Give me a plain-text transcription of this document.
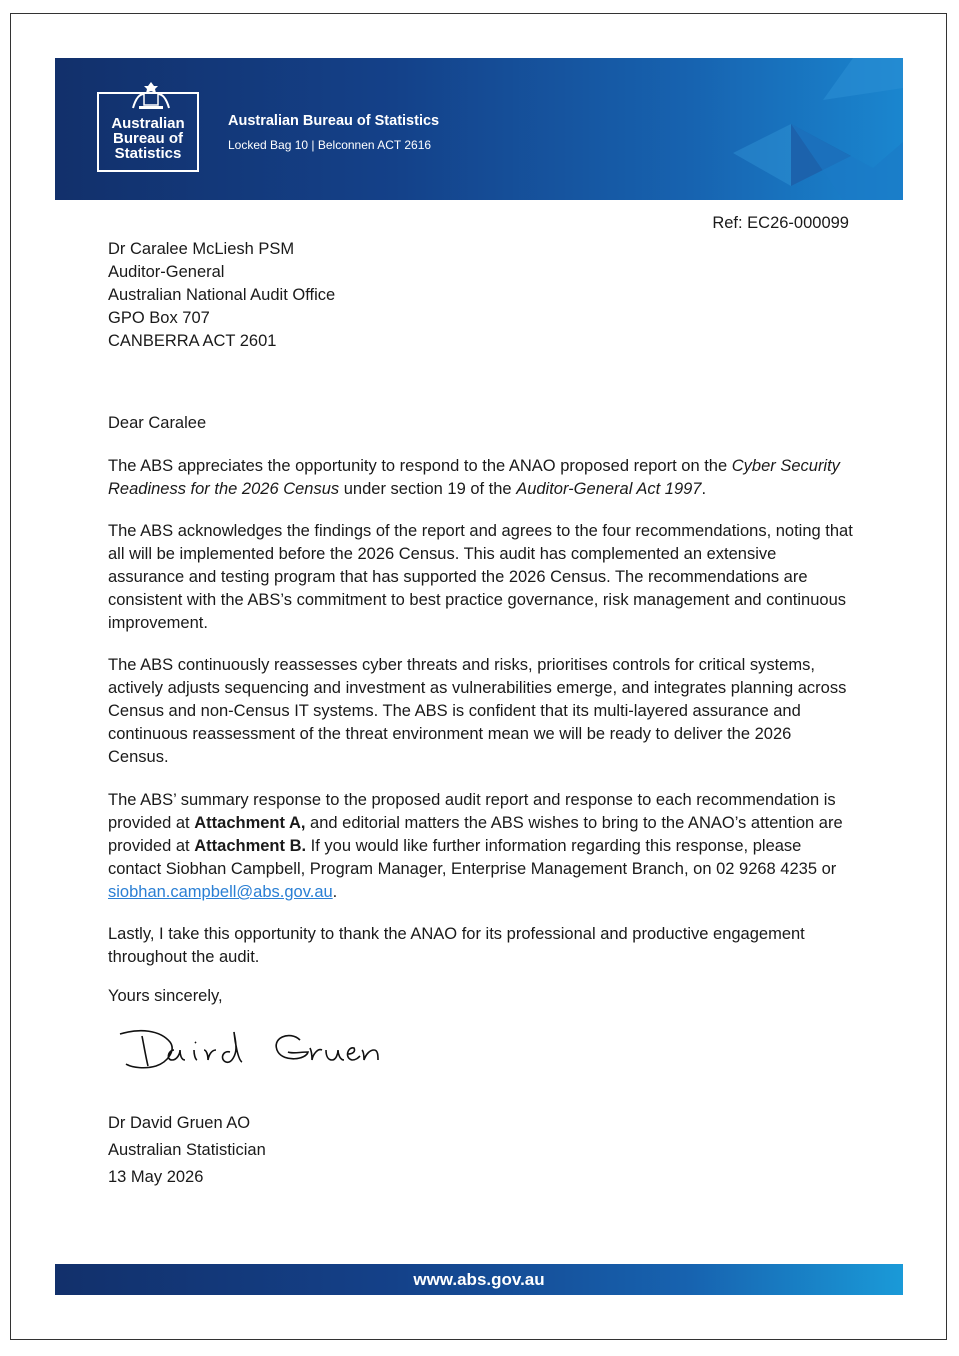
Australian
Bureau of
Statistics
Australian Bureau of Statistics
Locked Bag 10 | Belconnen ACT 2616
Ref: EC26-000099
Dr Caralee McLiesh PSM
Auditor-General
Australian National Audit Office
GPO Box 707
CANBERRA ACT 2601
Dear Caralee

The ABS appreciates the opportunity to respond to the ANAO proposed report on the Cyber Security Readiness for the 2026 Census under section 19 of the Auditor-General Act 1997.

The ABS acknowledges the findings of the report and agrees to the four recommendations, noting that all will be implemented before the 2026 Census. This audit has complemented an extensive assurance and testing program that has supported the 2026 Census. The recommendations are consistent with the ABS’s commitment to best practice governance, risk management and continuous improvement.

The ABS continuously reassesses cyber threats and risks, prioritises controls for critical systems, actively adjusts sequencing and investment as vulnerabilities emerge, and integrates planning across Census and non-Census IT systems. The ABS is confident that its multi-layered assurance and continuous reassessment of the threat environment mean we will be ready to deliver the 2026 Census.

The ABS’ summary response to the proposed audit report and response to each recommendation is provided at Attachment A, and editorial matters the ABS wishes to bring to the ANAO’s attention are provided at Attachment B. If you would like further information regarding this response, please contact Siobhan Campbell, Program Manager, Enterprise Management Branch, on 02 9268 4235 or siobhan.campbell@abs.gov.au.

Lastly, I take this opportunity to thank the ANAO for its professional and productive engagement throughout the audit.

Yours sincerely,
Dr David Gruen AO
Australian Statistician
13 May 2026
www.abs.gov.au
